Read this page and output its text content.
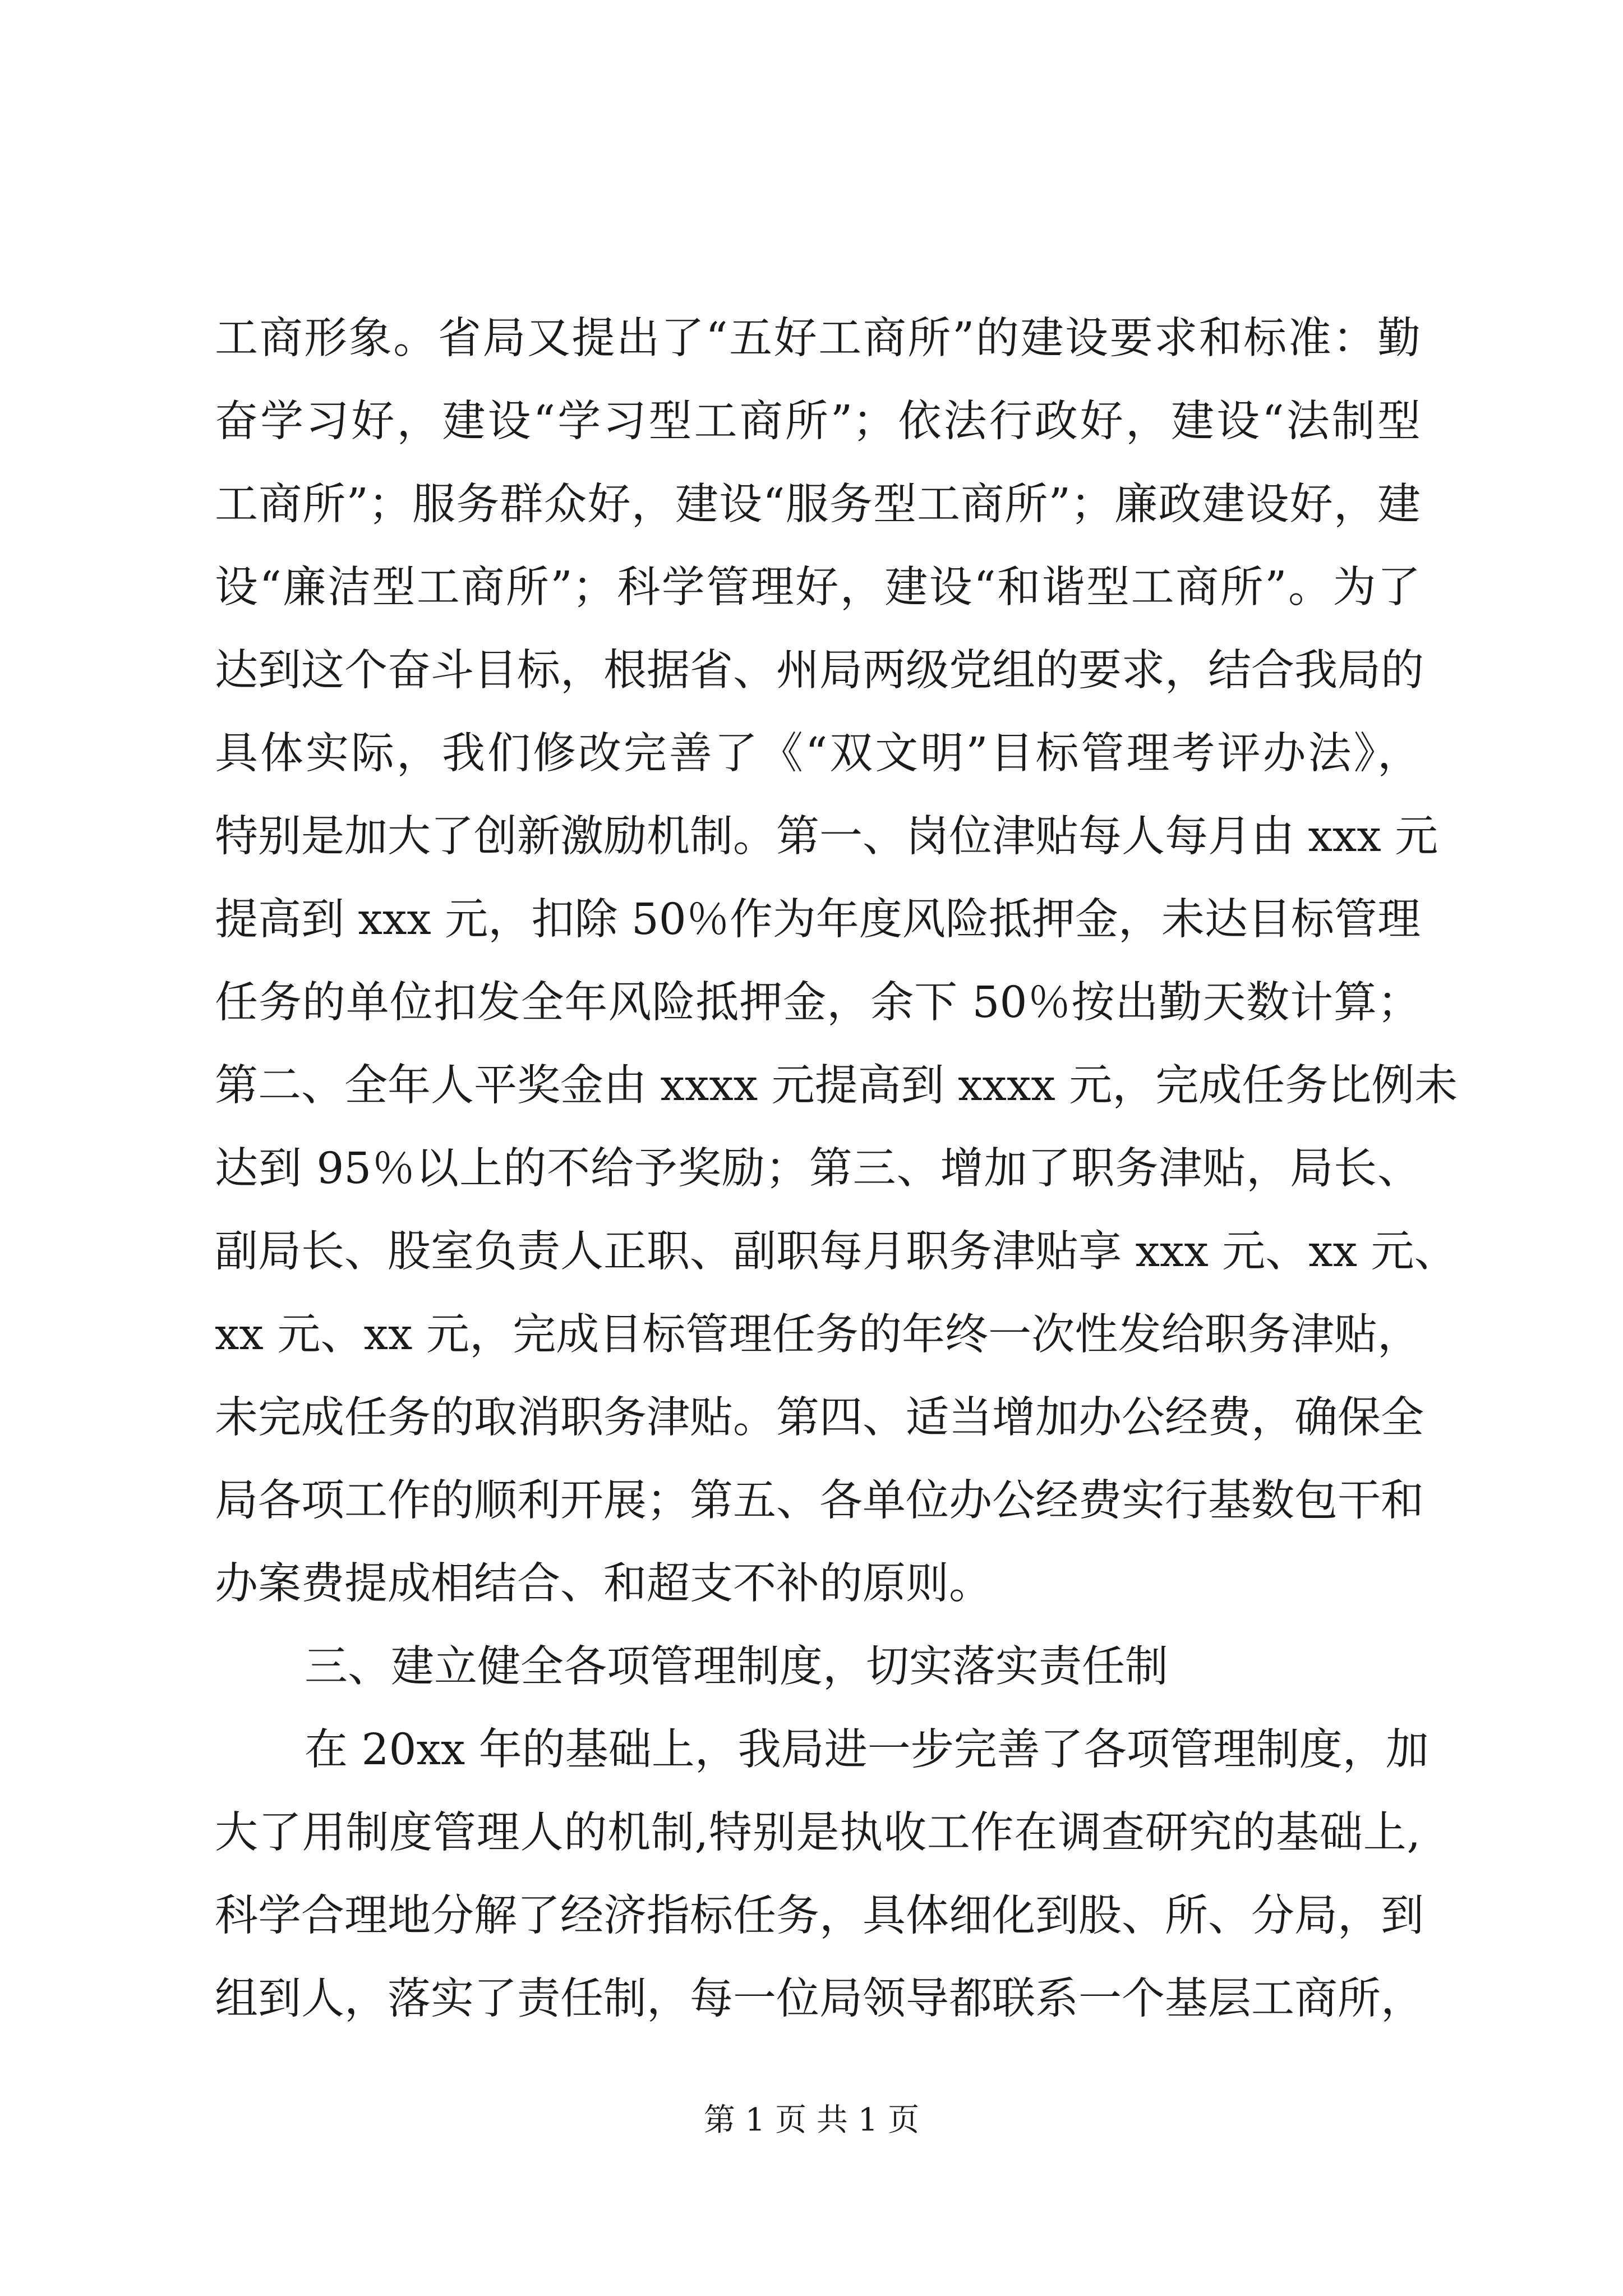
工商形象。省局又提出了“五好工商所”的建设要求和标准：勤
奋学习好，建设“学习型工商所”；依法行政好，建设“法制型
工商所”；服务群众好，建设“服务型工商所”；廉政建设好，建
设“廉洁型工商所”；科学管理好，建设“和谐型工商所”。为了
达到这个奋斗目标，根据省、州局两级党组的要求，结合我局的
具体实际，我们修改完善了《“双文明”目标管理考评办法》，
特别是加大了创新激励机制。第一、岗位津贴每人每月由 xxx 元
提高到 xxx 元，扣除 50％作为年度风险抵押金，未达目标管理
任务的单位扣发全年风险抵押金，余下 50％按出勤天数计算；
第二、全年人平奖金由 xxxx 元提高到 xxxx 元，完成任务比例未
达到 95％以上的不给予奖励；第三、增加了职务津贴，局长、
副局长、股室负责人正职、副职每月职务津贴享 xxx 元、xx 元、
xx 元、xx 元，完成目标管理任务的年终一次性发给职务津贴，
未完成任务的取消职务津贴。第四、适当增加办公经费，确保全
局各项工作的顺利开展；第五、各单位办公经费实行基数包干和
办案费提成相结合、和超支不补的原则。
三、建立健全各项管理制度，切实落实责任制
在 20xx 年的基础上，我局进一步完善了各项管理制度，加
大了用制度管理人的机制,特别是执收工作在调查研究的基础上,
科学合理地分解了经济指标任务，具体细化到股、所、分局，到
组到人，落实了责任制，每一位局领导都联系一个基层工商所，
第 1 页 共 1 页
